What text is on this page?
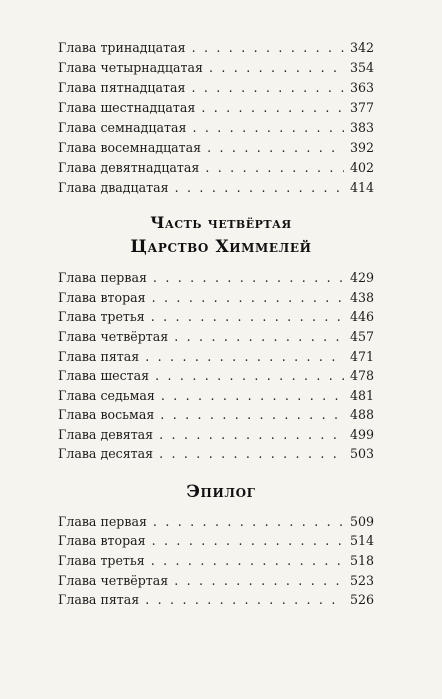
Глава тринадцатая . . .	342
Глава четырнадцатая . . .	354
Глава пятнадцатая . . .	363
Глава шестнадцатая . . .	377
Глава семнадцатая . . .	383
Глава восемнадцатая . . .	392
Глава девятнадцатая . . .	402
Глава двадцатая . . .	414
Часть четвёртая
Царство Химмелей
Глава первая . . .	429
Глава вторая . . .	438
Глава третья . . .	446
Глава четвёртая . . .	457
Глава пятая . . .	471
Глава шестая . . .	478
Глава седьмая . . .	481
Глава восьмая . . .	488
Глава девятая . . .	499
Глава десятая . . .	503
Эпилог
Глава первая . . .	509
Глава вторая . . .	514
Глава третья . . .	518
Глава четвёртая . . .	523
Глава пятая . . .	526
